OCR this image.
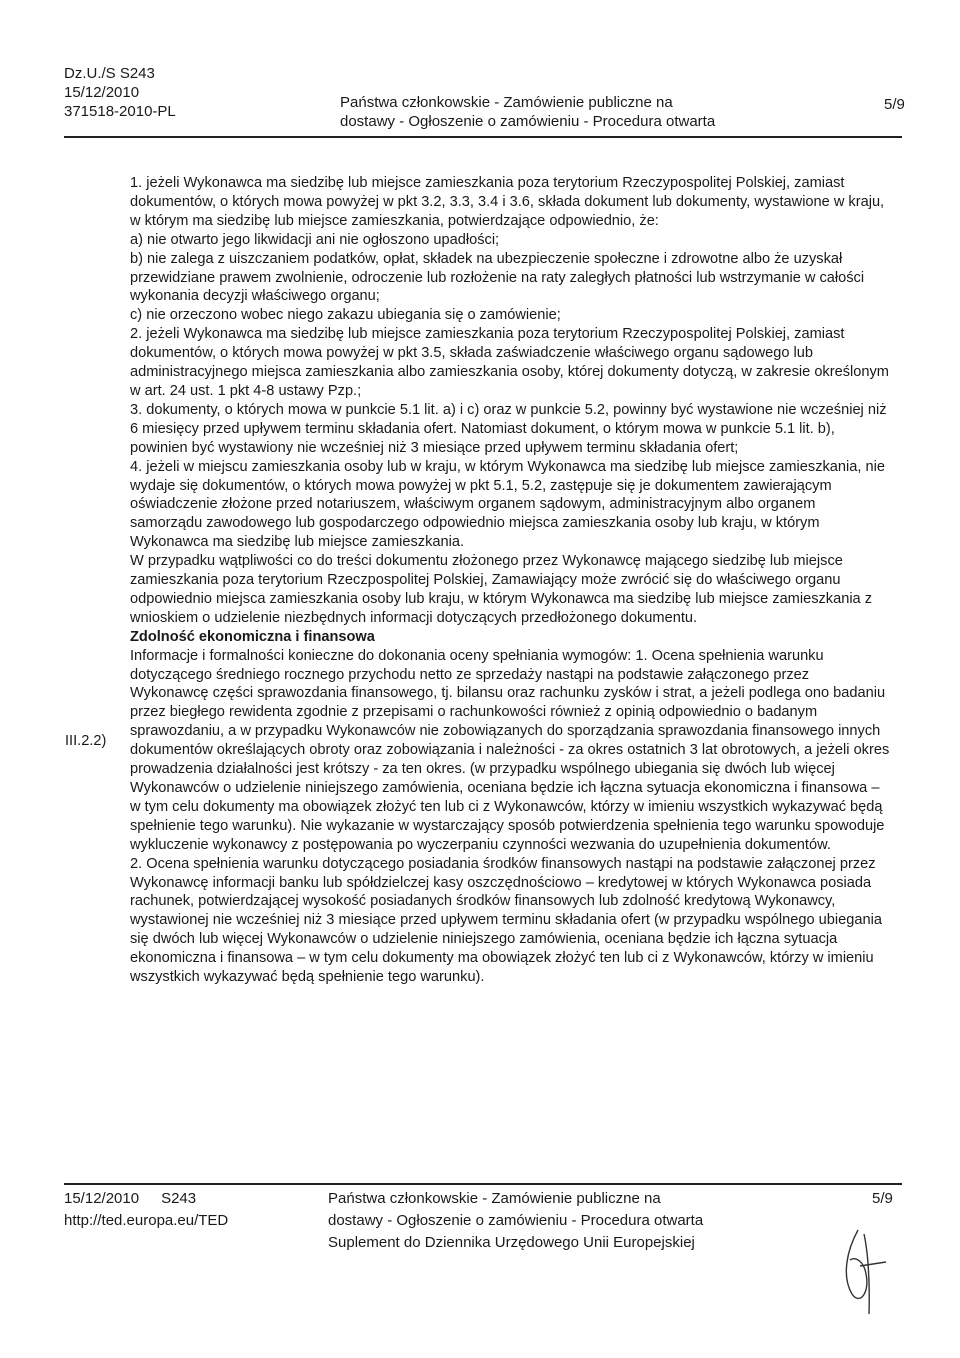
Dz.U./S S243
15/12/2010
371518-2010-PL
Państwa członkowskie - Zamówienie publiczne na
dostawy - Ogłoszenie o zamówieniu - Procedura otwarta
5/9

1. jeżeli Wykonawca ma siedzibę lub miejsce zamieszkania poza terytorium Rzeczypospolitej Polskiej, zamiast dokumentów, o których mowa powyżej w pkt 3.2, 3.3, 3.4 i 3.6, składa dokument lub dokumenty, wystawione w kraju, w którym ma siedzibę lub miejsce zamieszkania, potwierdzające odpowiednio, że:

a) nie otwarto jego likwidacji ani nie ogłoszono upadłości;

b) nie zalega z uiszczaniem podatków, opłat, składek na ubezpieczenie społeczne i zdrowotne albo że uzyskał przewidziane prawem zwolnienie, odroczenie lub rozłożenie na raty zaległych płatności lub wstrzymanie w całości wykonania decyzji właściwego organu;

c) nie orzeczono wobec niego zakazu ubiegania się o zamówienie;

2. jeżeli Wykonawca ma siedzibę lub miejsce zamieszkania poza terytorium Rzeczypospolitej Polskiej, zamiast dokumentów, o których mowa powyżej w pkt 3.5, składa zaświadczenie właściwego organu sądowego lub administracyjnego miejsca zamieszkania albo zamieszkania osoby, której dokumenty dotyczą, w zakresie określonym w art. 24 ust. 1 pkt 4-8 ustawy Pzp.;

3. dokumenty, o których mowa w punkcie 5.1 lit. a) i c) oraz w punkcie 5.2, powinny być wystawione nie wcześniej niż 6 miesięcy przed upływem terminu składania ofert. Natomiast dokument, o którym mowa w punkcie 5.1 lit. b), powinien być wystawiony nie wcześniej niż 3 miesiące przed upływem terminu składania ofert;

4. jeżeli w miejscu zamieszkania osoby lub w kraju, w którym Wykonawca ma siedzibę lub miejsce zamieszkania, nie wydaje się dokumentów, o których mowa powyżej w pkt 5.1, 5.2, zastępuje się je dokumentem zawierającym oświadczenie złożone przed notariuszem, właściwym organem sądowym, administracyjnym albo organem samorządu zawodowego lub gospodarczego odpowiednio miejsca zamieszkania osoby lub kraju, w którym Wykonawca ma siedzibę lub miejsce zamieszkania.

W przypadku wątpliwości co do treści dokumentu złożonego przez Wykonawcę mającego siedzibę lub miejsce zamieszkania poza terytorium Rzeczpospolitej Polskiej, Zamawiający może zwrócić się do właściwego organu odpowiednio miejsca zamieszkania osoby lub kraju, w którym Wykonawca ma siedzibę lub miejsce zamieszkania z wnioskiem o udzielenie niezbędnych informacji dotyczących przedłożonego dokumentu.

Zdolność ekonomiczna i finansowa

Informacje i formalności konieczne do dokonania oceny spełniania wymogów: 1. Ocena spełnienia warunku dotyczącego średniego rocznego przychodu netto ze sprzedaży nastąpi na podstawie załączonego przez Wykonawcę części sprawozdania finansowego, tj. bilansu oraz rachunku zysków i strat, a jeżeli podlega ono badaniu przez biegłego rewidenta zgodnie z przepisami o rachunkowości również z opinią odpowiednio o badanym sprawozdaniu, a w przypadku Wykonawców nie zobowiązanych do sporządzania sprawozdania finansowego innych dokumentów określających obroty oraz zobowiązania i należności - za okres ostatnich 3 lat obrotowych, a jeżeli okres prowadzenia działalności jest krótszy - za ten okres. (w przypadku wspólnego ubiegania się dwóch lub więcej Wykonawców o udzielenie niniejszego zamówienia, oceniana będzie ich łączna sytuacja ekonomiczna i finansowa – w tym celu dokumenty ma obowiązek złożyć ten lub ci z Wykonawców, którzy w imieniu wszystkich wykazywać będą spełnienie tego warunku). Nie wykazanie w wystarczający sposób potwierdzenia spełnienia tego warunku spowoduje wykluczenie wykonawcy z postępowania po wyczerpaniu czynności wezwania do uzupełnienia dokumentów.

2. Ocena spełnienia warunku dotyczącego posiadania środków finansowych nastąpi na podstawie załączonej przez Wykonawcę informacji banku lub spółdzielczej kasy oszczędnościowo – kredytowej w których Wykonawca posiada rachunek, potwierdzającej wysokość posiadanych środków finansowych lub zdolność kredytową Wykonawcy, wystawionej nie wcześniej niż 3 miesiące przed upływem terminu składania ofert (w przypadku wspólnego ubiegania się dwóch lub więcej Wykonawców o udzielenie niniejszego zamówienia, oceniana będzie ich łączna sytuacja ekonomiczna i finansowa – w tym celu dokumenty ma obowiązek złożyć ten lub ci z Wykonawców, którzy w imieniu wszystkich wykazywać będą spełnienie tego warunku).

III.2.2)
15/12/2010 S243
http://ted.europa.eu/TED
Państwa członkowskie - Zamówienie publiczne na
dostawy - Ogłoszenie o zamówieniu - Procedura otwarta
Suplement do Dziennika Urzędowego Unii Europejskiej
5/9
